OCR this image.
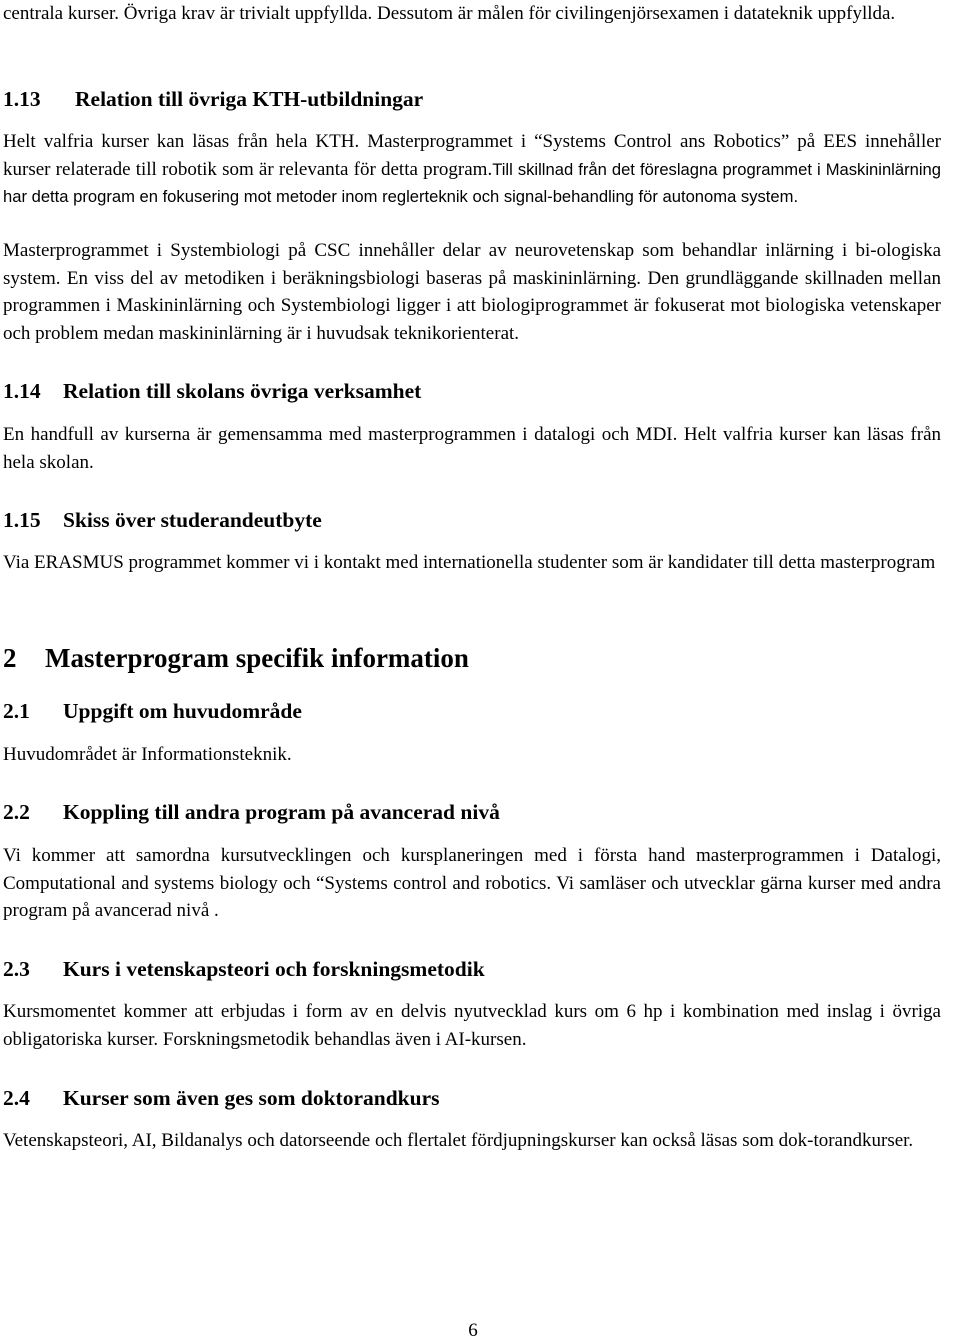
centrala kurser. Övriga krav är trivialt uppfyllda. Dessutom är målen för civilingenjörsexamen i datateknik uppfyllda.

1.13 Relation till övriga KTH-utbildningar

Helt valfria kurser kan läsas från hela KTH. Masterprogrammet i “Systems Control ans Robotics” på EES innehåller kurser relaterade till robotik som är relevanta för detta program.Till skillnad från det föreslagna programmet i Maskininlärning har detta program en fokusering mot metoder inom reglerteknik och signal-behandling för autonoma system.

Masterprogrammet i Systembiologi på CSC innehåller delar av neurovetenskap som behandlar inlärning i bi-ologiska system. En viss del av metodiken i beräkningsbiologi baseras på maskininlärning. Den grundläggande skillnaden mellan programmen i Maskininlärning och Systembiologi ligger i att biologiprogrammet är fokuserat mot biologiska vetenskaper och problem medan maskininlärning är i huvudsak teknikorienterat.

1.14 Relation till skolans övriga verksamhet

En handfull av kurserna är gemensamma med masterprogrammen i datalogi och MDI. Helt valfria kurser kan läsas från hela skolan.

1.15 Skiss över studerandeutbyte

Via ERASMUS programmet kommer vi i kontakt med internationella studenter som är kandidater till detta masterprogram

2 Masterprogram specifik information
2.1 Uppgift om huvudområde

Huvudområdet är Informationsteknik.

2.2 Koppling till andra program på avancerad nivå

Vi kommer att samordna kursutvecklingen och kursplaneringen med i första hand masterprogrammen i Datalogi, Computational and systems biology och “Systems control and robotics. Vi samläser och utvecklar gärna kurser med andra program på avancerad nivå .

2.3 Kurs i vetenskapsteori och forskningsmetodik

Kursmomentet kommer att erbjudas i form av en delvis nyutvecklad kurs om 6 hp i kombination med inslag i övriga obligatoriska kurser. Forskningsmetodik behandlas även i AI-kursen.

2.4 Kurser som även ges som doktorandkurs

Vetenskapsteori, AI, Bildanalys och datorseende och flertalet fördjupningskurser kan också läsas som dok-torandkurser.

6
